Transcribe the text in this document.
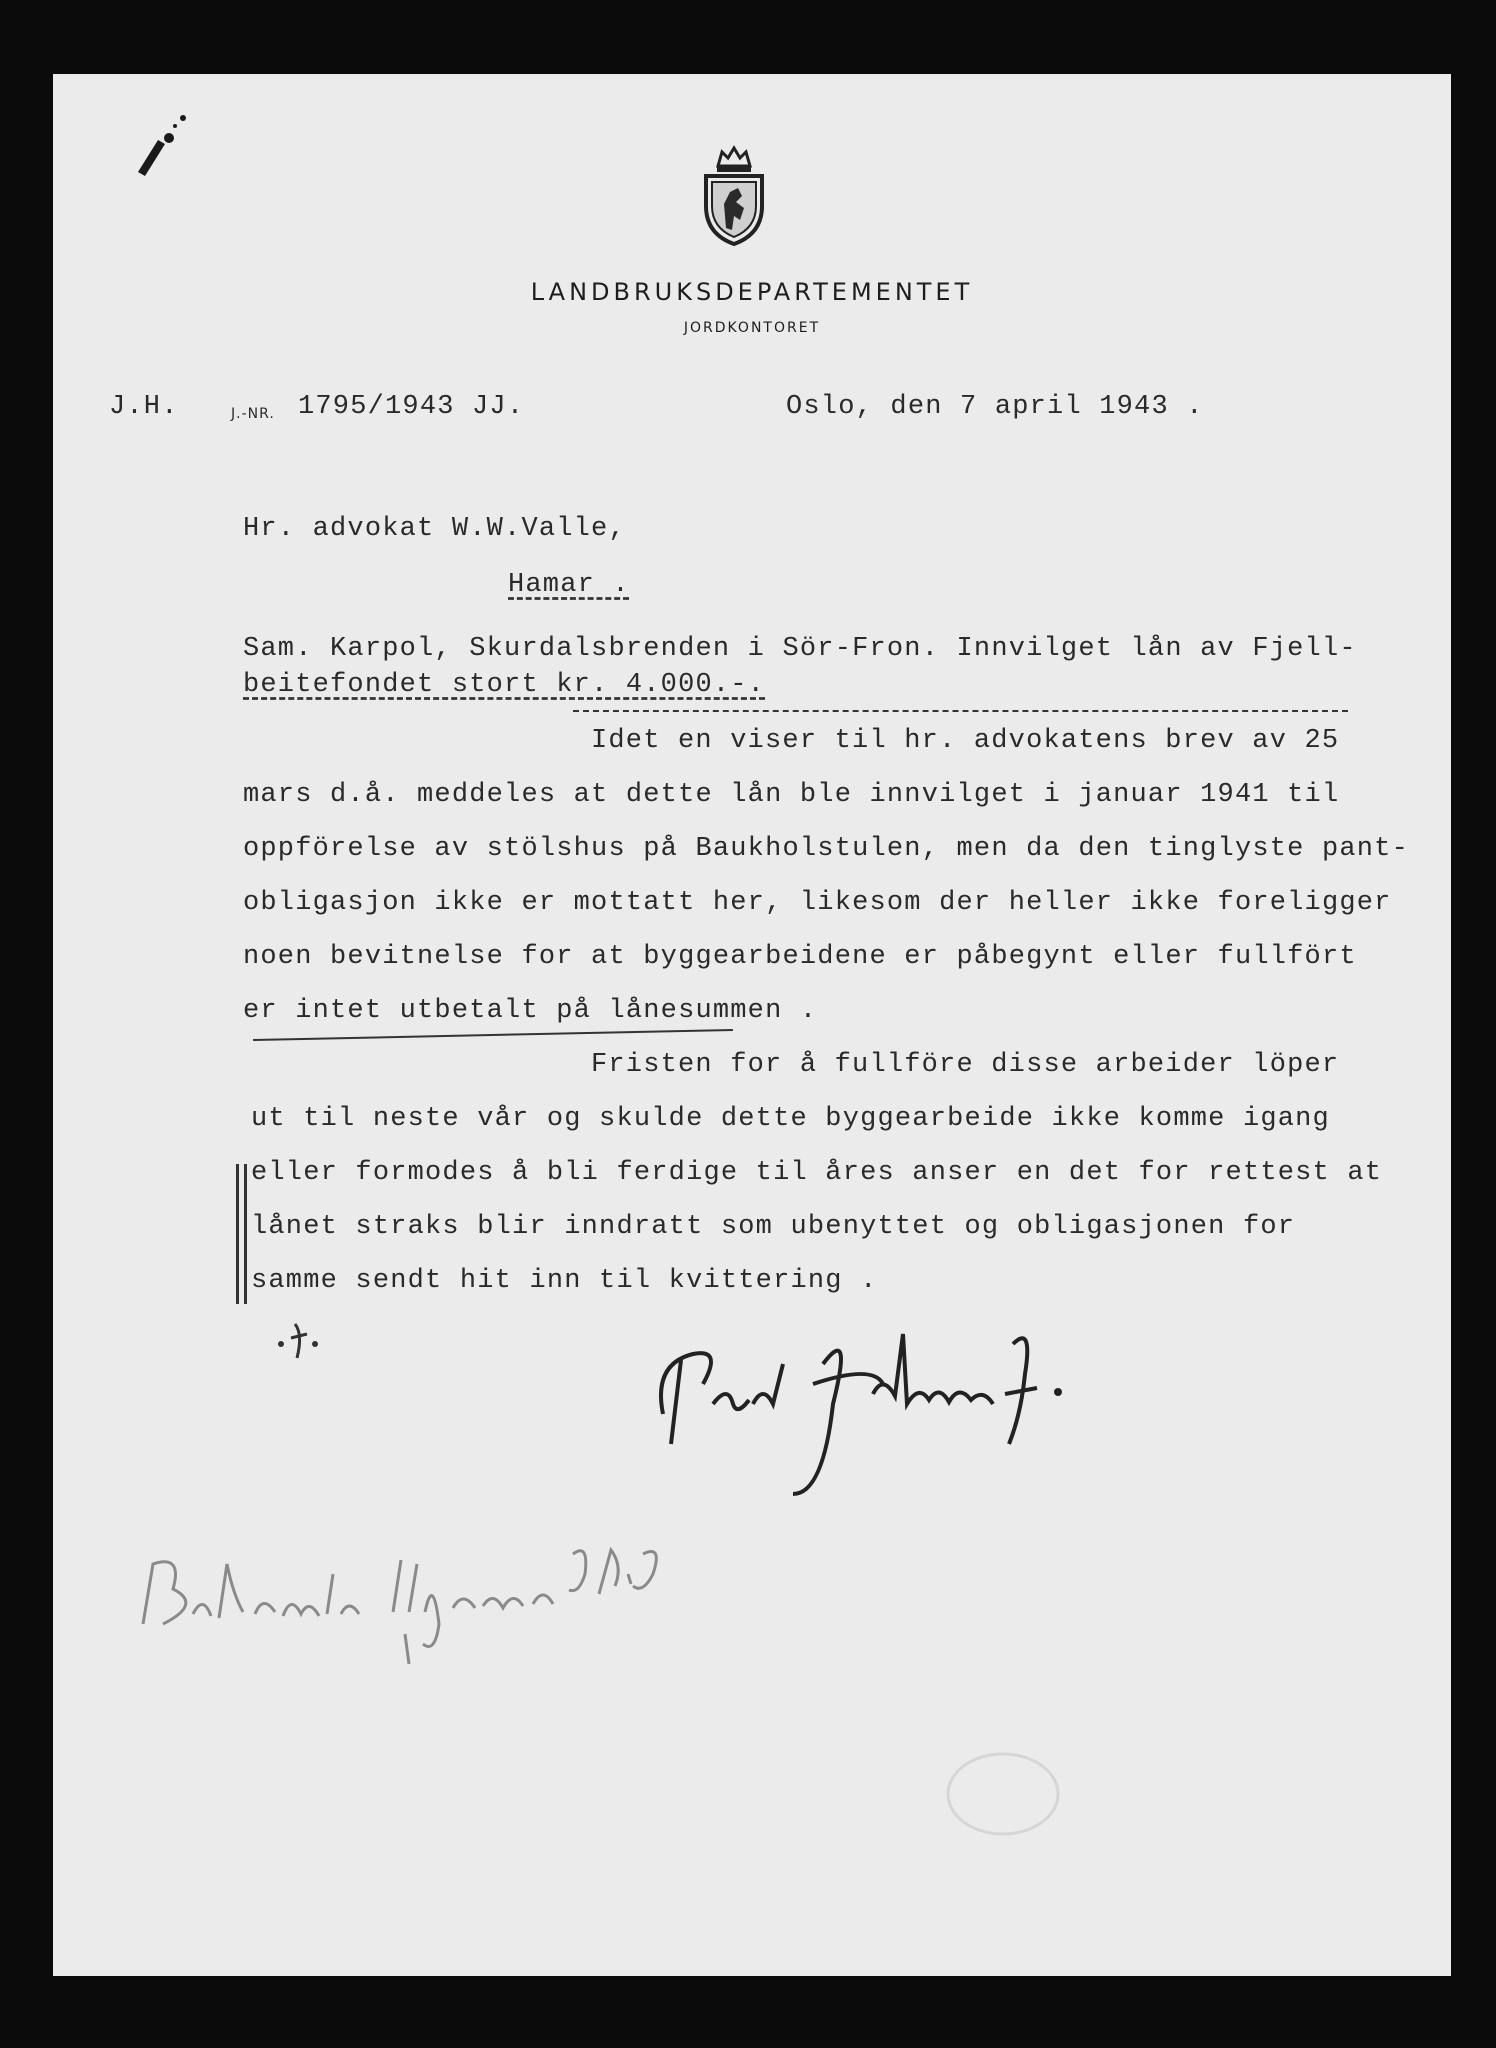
LANDBRUKSDEPARTEMENTET
JORDKONTORET
J.H.	J.-NR. 1795/1943 JJ.	Oslo, den 7 april 1943 .
Hr. advokat W.W.Valle,
Hamar .
Sam. Karpol, Skurdalsbrenden i Sör-Fron. Innvilget lån av Fjell-
beitefondet stort kr. 4.000.-.
Idet en viser til hr. advokatens brev av 25
mars d.å. meddeles at dette lån ble innvilget i januar 1941 til
oppförelse av stölshus på Baukholstulen, men da den tinglyste pant-
obligasjon ikke er mottatt her, likesom der heller ikke foreligger
noen bevitnelse for at byggearbeidene er påbegynt eller fullfört
er intet utbetalt på lånesummen .
Fristen for å fullföre disse arbeider löper
ut til neste vår og skulde dette byggearbeide ikke komme igang
eller formodes å bli ferdige til åres anser en det for rettest at
lånet straks blir inndratt som ubenyttet og obligasjonen for
samme sendt hit inn til kvittering .
